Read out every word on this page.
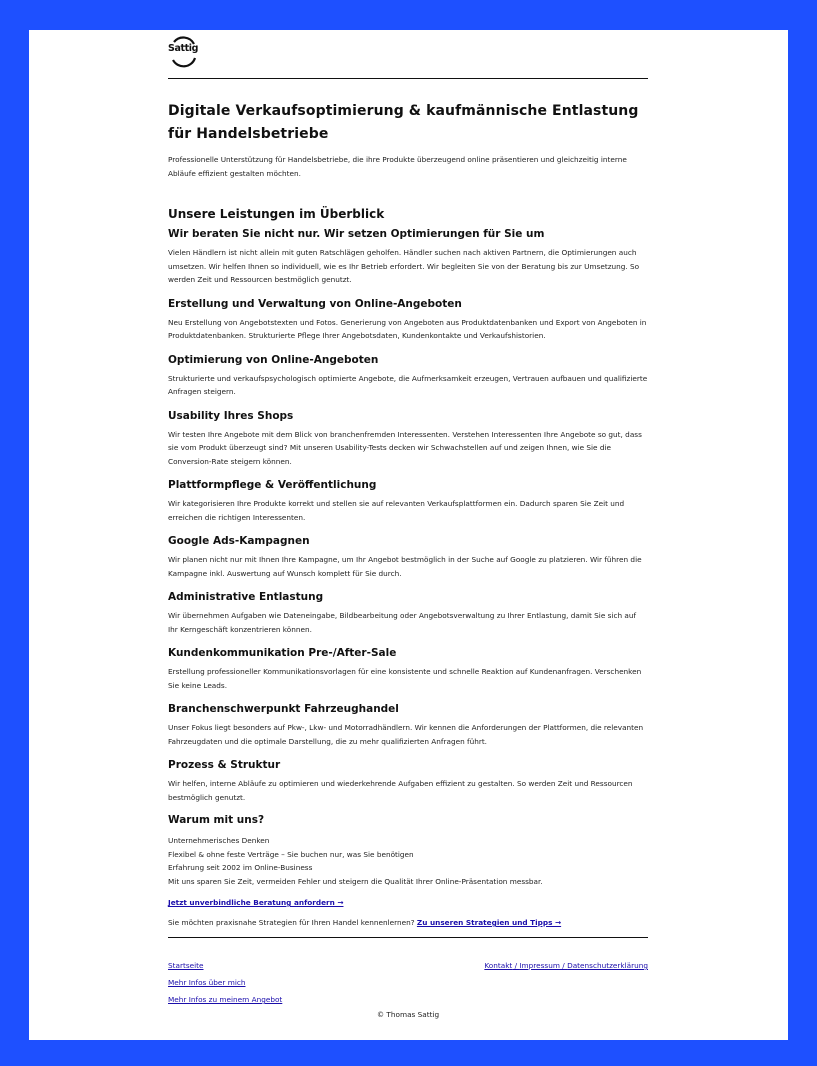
Sattig
Digitale Verkaufsoptimierung & kaufmännische Entlastung für Handelsbetriebe

Professionelle Unterstützung für Handelsbetriebe, die ihre Produkte überzeugend online präsentieren und gleichzeitig interne Abläufe effizient gestalten möchten.

Unsere Leistungen im Überblick
Wir beraten Sie nicht nur. Wir setzen Optimierungen für Sie um

Vielen Händlern ist nicht allein mit guten Ratschlägen geholfen. Händler suchen nach aktiven Partnern, die Optimierungen auch umsetzen. Wir helfen Ihnen so individuell, wie es Ihr Betrieb erfordert. Wir begleiten Sie von der Beratung bis zur Umsetzung. So werden Zeit und Ressourcen bestmöglich genutzt.

Erstellung und Verwaltung von Online-Angeboten

Neu Erstellung von Angebotstexten und Fotos. Generierung von Angeboten aus Produktdatenbanken und Export von Angeboten in Produktdatenbanken. Strukturierte Pflege Ihrer Angebotsdaten, Kundenkontakte und Verkaufshistorien.

Optimierung von Online-Angeboten

Strukturierte und verkaufspsychologisch optimierte Angebote, die Aufmerksamkeit erzeugen, Vertrauen aufbauen und qualifizierte Anfragen steigern.

Usability Ihres Shops

Wir testen Ihre Angebote mit dem Blick von branchenfremden Interessenten. Verstehen Interessenten Ihre Angebote so gut, dass sie vom Produkt überzeugt sind? Mit unseren Usability-Tests decken wir Schwachstellen auf und zeigen Ihnen, wie Sie die Conversion-Rate steigern können.

Plattformpflege & Veröffentlichung

Wir kategorisieren Ihre Produkte korrekt und stellen sie auf relevanten Verkaufsplattformen ein. Dadurch sparen Sie Zeit und erreichen die richtigen Interessenten.

Google Ads-Kampagnen

Wir planen nicht nur mit Ihnen Ihre Kampagne, um Ihr Angebot bestmöglich in der Suche auf Google zu platzieren. Wir führen die Kampagne inkl. Auswertung auf Wunsch komplett für Sie durch.

Administrative Entlastung

Wir übernehmen Aufgaben wie Dateneingabe, Bildbearbeitung oder Angebotsverwaltung zu Ihrer Entlastung, damit Sie sich auf Ihr Kerngeschäft konzentrieren können.

Kundenkommunikation Pre-/After-Sale

Erstellung professioneller Kommunikationsvorlagen für eine konsistente und schnelle Reaktion auf Kundenanfragen. Verschenken Sie keine Leads.

Branchenschwerpunkt Fahrzeughandel

Unser Fokus liegt besonders auf Pkw-, Lkw- und Motorradhändlern. Wir kennen die Anforderungen der Plattformen, die relevanten Fahrzeugdaten und die optimale Darstellung, die zu mehr qualifizierten Anfragen führt.

Prozess & Struktur

Wir helfen, interne Abläufe zu optimieren und wiederkehrende Aufgaben effizient zu gestalten. So werden Zeit und Ressourcen bestmöglich genutzt.

Warum mit uns?
Unternehmerisches Denken
Flexibel & ohne feste Verträge – Sie buchen nur, was Sie benötigen
Erfahrung seit 2002 im Online-Business
Mit uns sparen Sie Zeit, vermeiden Fehler und steigern die Qualität Ihrer Online-Präsentation messbar.
Jetzt unverbindliche Beratung anfordern →
Sie möchten praxisnahe Strategien für Ihren Handel kennenlernen? Zu unseren Strategien und Tipps →
Startseite
Mehr Infos über mich
Mehr Infos zu meinem Angebot
Kontakt / Impressum / Datenschutzerklärung
© Thomas Sattig
